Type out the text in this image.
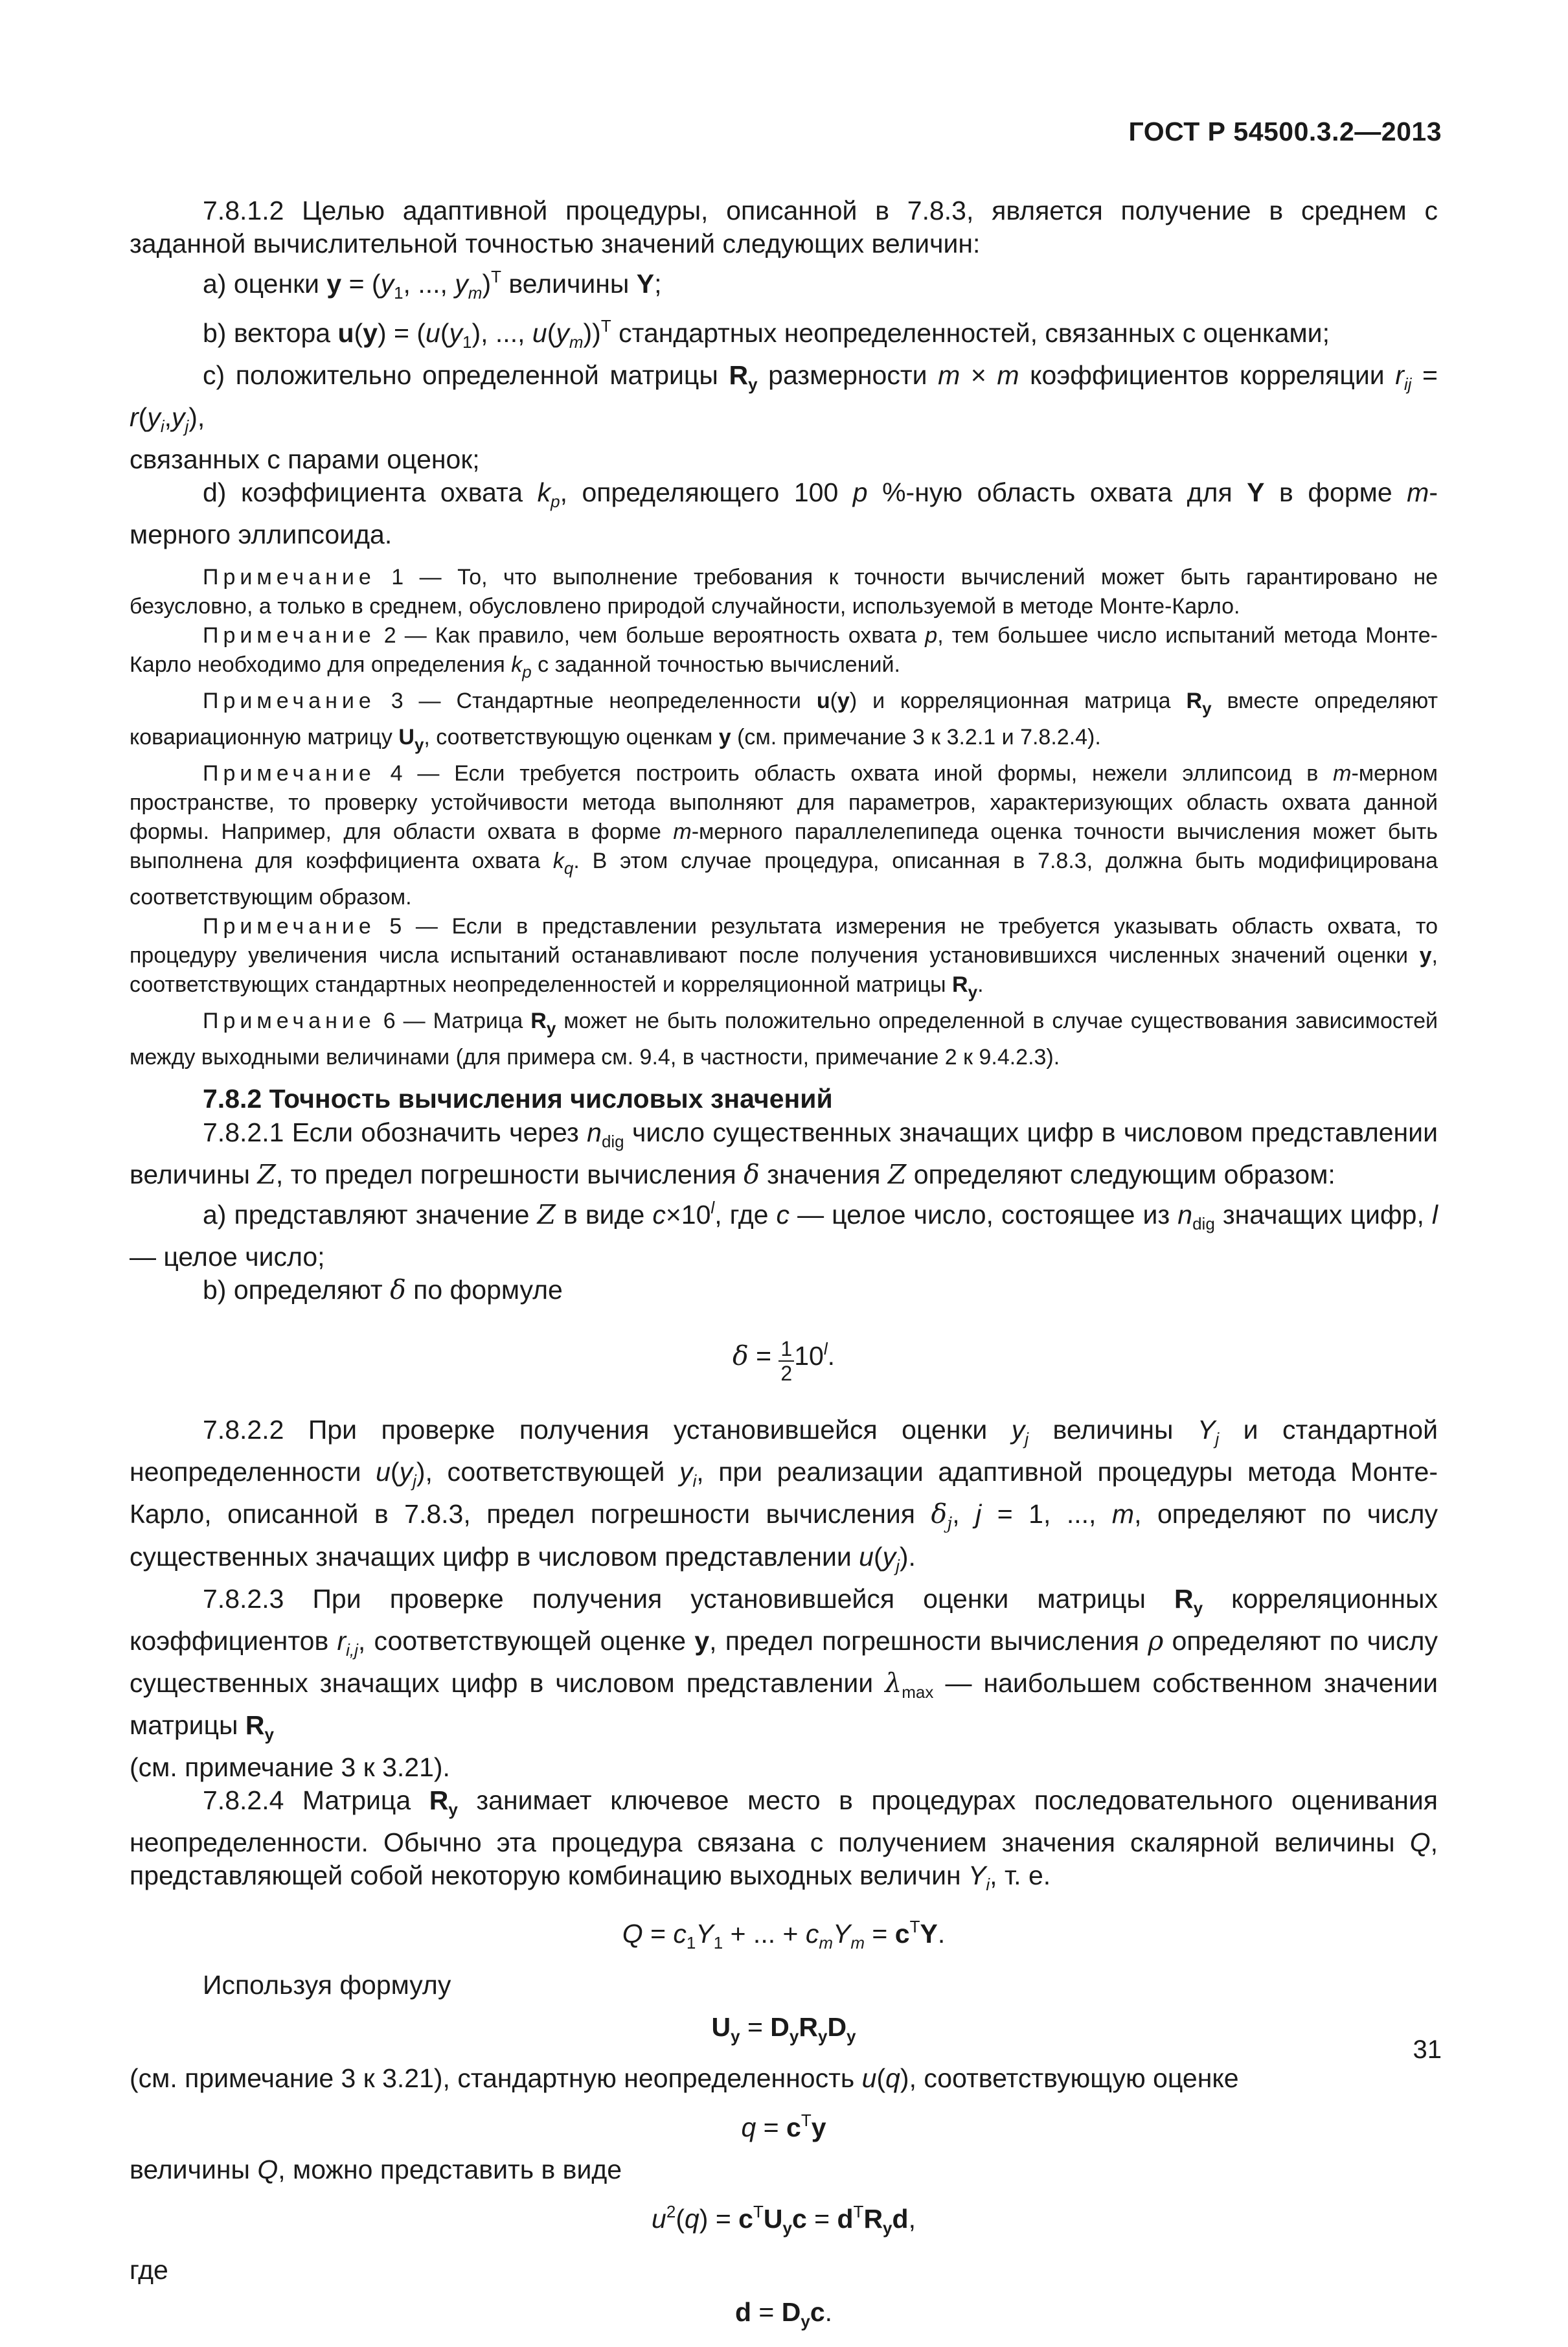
ГОСТ Р 54500.3.2—2013

7.8.1.2 Целью адаптивной процедуры, описанной в 7.8.3, является получение в среднем с заданной вычислительной точностью значений следующих величин:

a) оценки $y = (y_1$, ..., $y_m)^T$ величины Y;

b) вектора $u(y) = (u(y_1)$, ..., $u(y_m))^T$ стандартных неопределенностей, связанных с оценками;

c) положительно определенной матрицы $R_y$ размерности m × m коэффициентов корреляции $r_{ij} = r(y_i,y_j)$,

связанных с парами оценок;

d) коэффициента охвата $k_p$, определяющего 100 p %-ную область охвата для Y в форме m-мерного эллипсоида.

Примечание 1 — То, что выполнение требования к точности вычислений может быть гарантировано не безусловно, а только в среднем, обусловлено природой случайности, используемой в методе Монте-Карло.

Примечание 2 — Как правило, чем больше вероятность охвата p, тем большее число испытаний метода Монте-Карло необходимо для определения $k_p$ с заданной точностью вычислений.

Примечание 3 — Стандартные неопределенности u(y) и корреляционная матрица $R_y$ вместе определяют ковариационную матрицу $U_y$, соответствующую оценкам y (см. примечание 3 к 3.2.1 и 7.8.2.4).

Примечание 4 — Если требуется построить область охвата иной формы, нежели эллипсоид в m-мерном пространстве, то проверку устойчивости метода выполняют для параметров, характеризующих область охвата данной формы. Например, для области охвата в форме m-мерного параллелепипеда оценка точности вычисления может быть выполнена для коэффициента охвата $k_q$. В этом случае процедура, описанная в 7.8.3, должна быть модифицирована соответствующим образом.

Примечание 5 — Если в представлении результата измерения не требуется указывать область охвата, то процедуру увеличения числа испытаний останавливают после получения установившихся численных значений оценки y, соответствующих стандартных неопределенностей и корреляционной матрицы $R_y$.

Примечание 6 — Матрица $R_y$ может не быть положительно определенной в случае существования зависимостей между выходными величинами (для примера см. 9.4, в частности, примечание 2 к 9.4.2.3).

7.8.2 Точность вычисления числовых значений

7.8.2.1 Если обозначить через $n_{dig}$ число существенных значащих цифр в числовом представлении величины Z, то предел погрешности вычисления δ значения Z определяют следующим образом:

a) представляют значение Z в виде $c\times 10^l$, где c — целое число, состоящее из $n_{dig}$ значащих цифр, l — целое число;

b) определяют δ по формуле

$\delta = \frac{1}{2} 10^l$.

7.8.2.2 При проверке получения установившейся оценки $y_j$ величины $Y_j$ и стандартной неопределенности $u(y_j)$, соответствующей $y_i$, при реализации адаптивной процедуры метода Монте-Карло, описанной в 7.8.3, предел погрешности вычисления $\delta_j$, j = 1, ..., m, определяют по числу существенных значащих цифр в числовом представлении $u(y_j)$.

7.8.2.3 При проверке получения установившейся оценки матрицы $R_y$ корреляционных коэффициентов $r_{i,j}$, соответствующей оценке y, предел погрешности вычисления ρ определяют по числу существенных значащих цифр в числовом представлении $\lambda_{max}$ — наибольшем собственном значении матрицы $R_y$

(см. примечание 3 к 3.21).

7.8.2.4 Матрица $R_y$ занимает ключевое место в процедурах последовательного оценивания неопределенности. Обычно эта процедура связана с получением значения скалярной величины Q, представляющей собой некоторую комбинацию выходных величин $Y_i$, т. е.

$Q = c_1Y_1$ + ... + $c_mY_m = c^TY$.

Используя формулу

$U_y = D_yR_yD_y$

(см. примечание 3 к 3.21), стандартную неопределенность u(q), соответствующую оценке

$q = c^Ty$

величины Q, можно представить в виде

$u^2(q) = c^TU_yc = d^TR_yd$,

где

$d = D_yc$.
31
